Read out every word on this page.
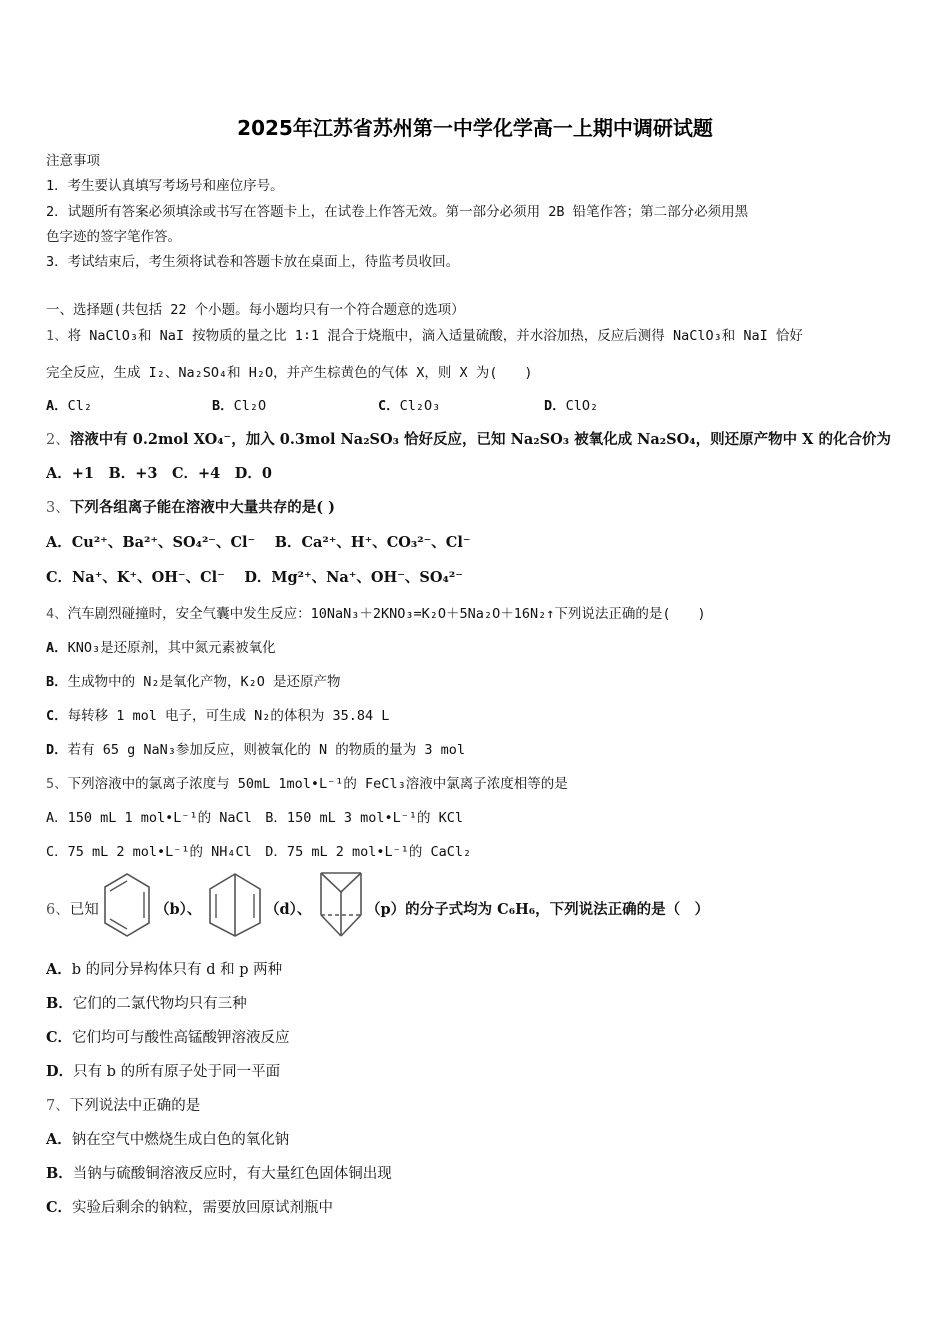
2025年江苏省苏州第一中学化学高一上期中调研试题
注意事项
1．考生要认真填写考场号和座位序号。
2．试题所有答案必须填涂或书写在答题卡上，在试卷上作答无效。第一部分必须用 2B 铅笔作答；第二部分必须用黑
色字迹的签字笔作答。
3．考试结束后，考生须将试卷和答题卡放在桌面上，待监考员收回。
一、选择题(共包括 22 个小题。每小题均只有一个符合题意的选项）
1、将 NaClO₃和 NaI 按物质的量之比 1∶1 混合于烧瓶中，滴入适量硫酸，并水浴加热，反应后测得 NaClO₃和 NaI 恰好
完全反应，生成 I₂、Na₂SO₄和 H₂O，并产生棕黄色的气体 X，则 X 为(　　)
A．Cl₂	B．Cl₂O	C．Cl₂O₃	D．ClO₂
2、溶液中有 0.2mol XO₄⁻，加入 0.3mol Na₂SO₃ 恰好反应，已知 Na₂SO₃ 被氧化成 Na₂SO₄，则还原产物中 X 的化合价为
A．+1　B．+3　C．+4　D．0
3、下列各组离子能在溶液中大量共存的是( )
A．Cu²⁺、Ba²⁺、SO₄²⁻、Cl⁻　 B．Ca²⁺、H⁺、CO₃²⁻、Cl⁻
C．Na⁺、K⁺、OH⁻、Cl⁻　 D．Mg²⁺、Na⁺、OH⁻、SO₄²⁻
4、汽车剧烈碰撞时，安全气囊中发生反应：10NaN₃＋2KNO₃=K₂O＋5Na₂O＋16N₂↑下列说法正确的是(　　)
A．KNO₃是还原剂，其中氮元素被氧化
B．生成物中的 N₂是氧化产物，K₂O 是还原产物
C．每转移 1 mol 电子，可生成 N₂的体积为 35.84 L
D．若有 65 g NaN₃参加反应，则被氧化的 N 的物质的量为 3 mol
5、下列溶液中的氯离子浓度与 50mL 1mol•L⁻¹的 FeCl₃溶液中氯离子浓度相等的是
A．150 mL 1 mol•L⁻¹的 NaCl　B．150 mL 3 mol•L⁻¹的 KCl
C．75 mL 2 mol•L⁻¹的 NH₄Cl　D．75 mL 2 mol•L⁻¹的 CaCl₂
6、已知	（b）、	（d）、	（p）的分子式均为 C₆H₆，下列说法正确的是（　）
A．b 的同分异构体只有 d 和 p 两种
B．它们的二氯代物均只有三种
C．它们均可与酸性高锰酸钾溶液反应
D．只有 b 的所有原子处于同一平面
7、下列说法中正确的是
A．钠在空气中燃烧生成白色的氧化钠
B．当钠与硫酸铜溶液反应时，有大量红色固体铜出现
C．实验后剩余的钠粒，需要放回原试剂瓶中
